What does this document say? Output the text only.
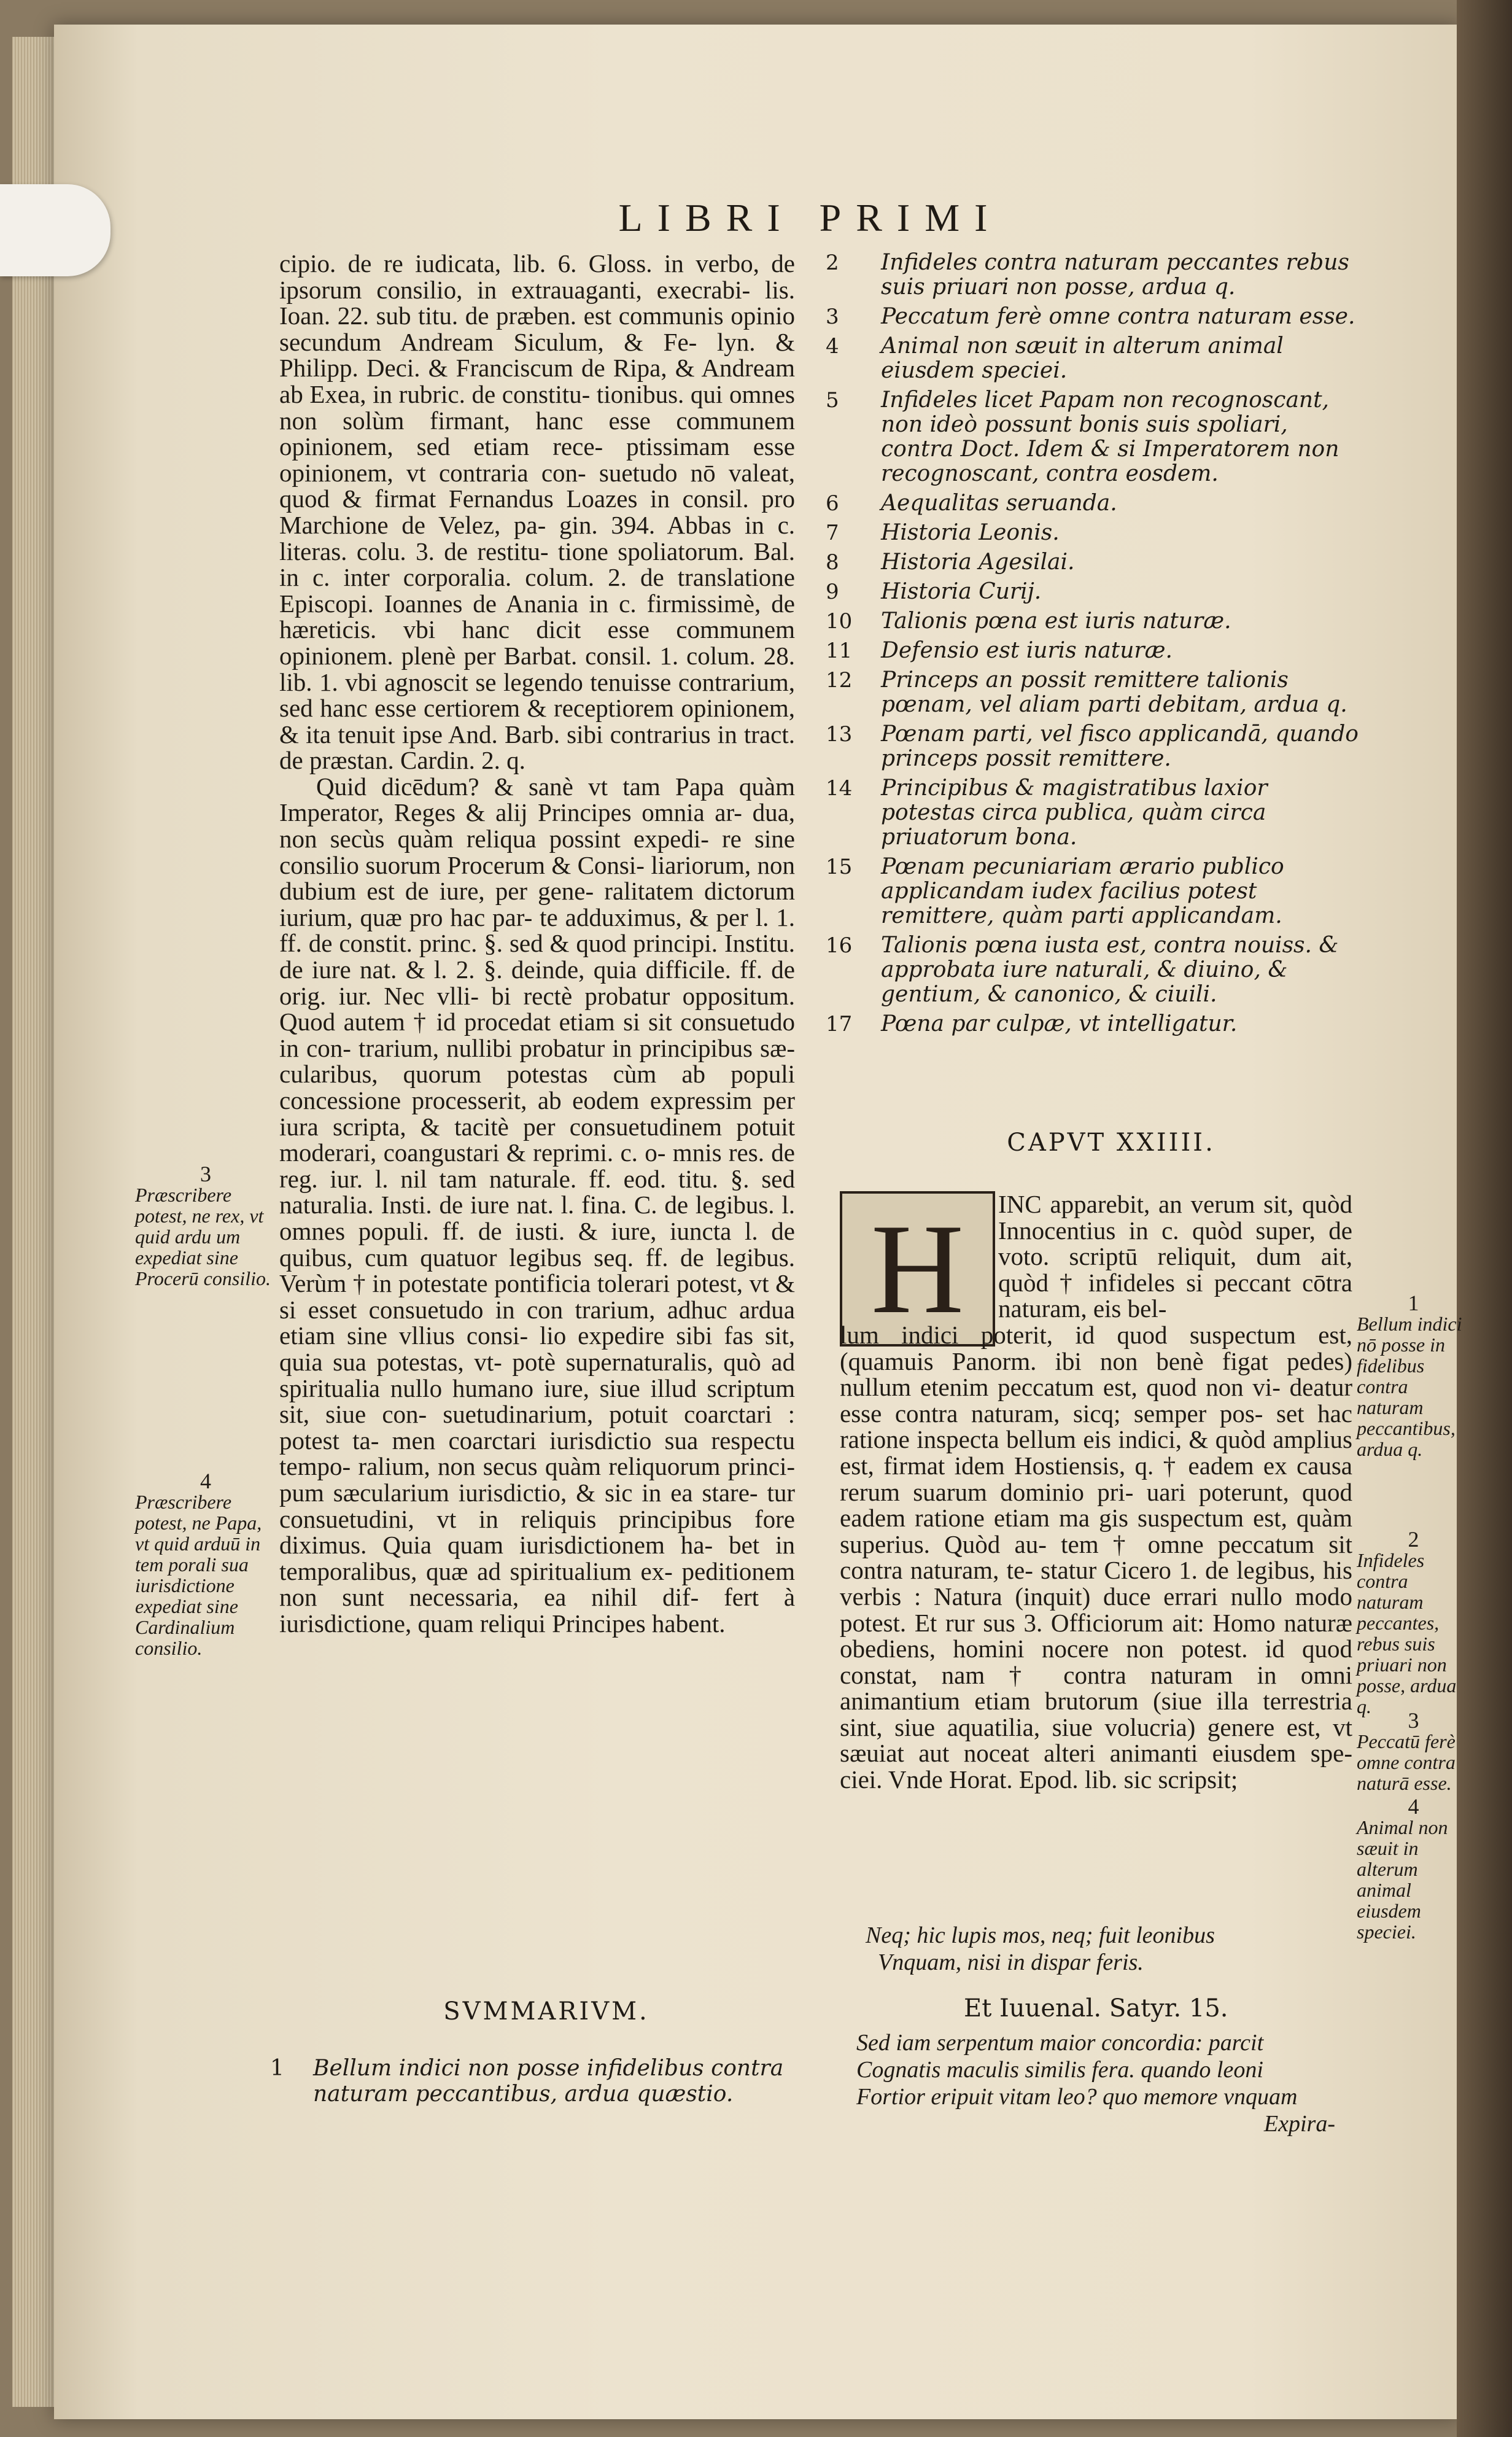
LIBRI PRIMI

cipio. de re iudicata, lib. 6. Gloss. in verbo, de ipsorum consilio, in extrauaganti, execrabi- lis. Ioan. 22. sub titu. de præben. est communis opinio secundum Andream Siculum, & Fe- lyn. & Philipp. Deci. & Franciscum de Ripa, & Andream ab Exea, in rubric. de constitu- tionibus. qui omnes non solùm firmant, hanc esse communem opinionem, sed etiam rece- ptissimam esse opinionem, vt contraria con- suetudo nō valeat, quod & firmat Fernandus Loazes in consil. pro Marchione de Velez, pa- gin. 394. Abbas in c. literas. colu. 3. de restitu- tione spoliatorum. Bal. in c. inter corporalia. colum. 2. de translatione Episcopi. Ioannes de Anania in c. firmissimè, de hæreticis. vbi hanc dicit esse communem opinionem. plenè per Barbat. consil. 1. colum. 28. lib. 1. vbi agnoscit se legendo tenuisse contrarium, sed hanc esse certiorem & receptiorem opinionem, & ita tenuit ipse And. Barb. sibi contrarius in tract. de præstan. Cardin. 2. q.

Quid dicēdum? & sanè vt tam Papa quàm Imperator, Reges & alij Principes omnia ar- dua, non secùs quàm reliqua possint expedi- re sine consilio suorum Procerum & Consi- liariorum, non dubium est de iure, per gene- ralitatem dictorum iurium, quæ pro hac par- te adduximus, & per l. 1. ff. de constit. princ. §. sed & quod principi. Institu. de iure nat. & l. 2. §. deinde, quia difficile. ff. de orig. iur. Nec vlli- bi rectè probatur oppositum. Quod autem † id procedat etiam si sit consuetudo in con- trarium, nullibi probatur in principibus sæ- cularibus, quorum potestas cùm ab populi concessione processerit, ab eodem expressim per iura scripta, & tacitè per consuetudinem potuit moderari, coangustari & reprimi. c. o- mnis res. de reg. iur. l. nil tam naturale. ff. eod. titu. §. sed naturalia. Insti. de iure nat. l. fina. C. de legibus. l. omnes populi. ff. de iusti. & iure, iuncta l. de quibus, cum quatuor legibus seq. ff. de legibus. Verùm † in potestate pontificia tolerari potest, vt & si esset consuetudo in con trarium, adhuc ardua etiam sine vllius consi- lio expedire sibi fas sit, quia sua potestas, vt- potè supernaturalis, quò ad spiritualia nullo humano iure, siue illud scriptum sit, siue con- suetudinarium, potuit coarctari : potest ta- men coarctari iurisdictio sua respectu tempo- ralium, non secus quàm reliquorum princi- pum sæcularium iurisdictio, & sic in ea stare- tur consuetudini, vt in reliquis principibus fore diximus. Quia quam iurisdictionem ha- bet in temporalibus, quæ ad spiritualium ex- peditionem non sunt necessaria, ea nihil dif- fert à iurisdictione, quam reliqui Principes habent.

3
Præscribere potest, ne rex, vt quid ardu um expediat sine Procerū consilio.
4
Præscribere potest, ne Papa, vt quid arduū in tem porali sua iurisdictione expediat sine Cardinalium consilio.
SVMMARIVM.
1 Bellum indici non posse infidelibus contra naturam peccantibus, ardua quæstio.
2	Infideles contra naturam peccantes rebus suis priuari non posse, ardua q.
3	Peccatum ferè omne contra naturam esse.
4	Animal non sæuit in alterum animal eiusdem speciei.
5	Infideles licet Papam non recognoscant, non ideò possunt bonis suis spoliari, contra Doct. Idem & si Imperatorem non recognoscant, contra eosdem.
6	Aequalitas seruanda.
7	Historia Leonis.
8	Historia Agesilai.
9	Historia Curij.
10	Talionis pœna est iuris naturæ.
11	Defensio est iuris naturæ.
12	Princeps an possit remittere talionis pœnam, vel aliam parti debitam, ardua q.
13	Pœnam parti, vel fisco applicandā, quando princeps possit remittere.
14	Principibus & magistratibus laxior potestas circa publica, quàm circa priuatorum bona.
15	Pœnam pecuniariam ærario publico applicandam iudex facilius potest remittere, quàm parti applicandam.
16	Talionis pœna iusta est, contra nouiss. & approbata iure naturali, & diuino, & gentium, & canonico, & ciuili.
17	Pœna par culpæ, vt intelligatur.
CAPVT XXIIII.
H INC apparebit, an verum sit, quòd Innocentius in c. quòd super, de voto. scriptū reliquit, dum ait, quòd † infideles si peccant cōtra naturam, eis bel-

lum indici poterit, id quod suspectum est, (quamuis Panorm. ibi non benè figat pedes) nullum etenim peccatum est, quod non vi- deatur esse contra naturam, sicq; semper pos- set hac ratione inspecta bellum eis indici, & quòd amplius est, firmat idem Hostiensis, q. † eadem ex causa rerum suarum dominio pri- uari poterunt, quod eadem ratione etiam ma gis suspectum est, quàm superius. Quòd au- tem † omne peccatum sit contra naturam, te- statur Cicero 1. de legibus, his verbis : Natura (inquit) duce errari nullo modo potest. Et rur sus 3. Officiorum ait: Homo naturæ obediens, homini nocere non potest. id quod constat, nam † contra naturam in omni animantium etiam brutorum (siue illa terrestria sint, siue aquatilia, siue volucria) genere est, vt sæuiat aut noceat alteri animanti eiusdem spe- ciei. Vnde Horat. Epod. lib. sic scripsit;

Neq; hic lupis mos, neq; fuit leonibus
Vnquam, nisi in dispar feris.
Et Iuuenal. Satyr. 15.
Sed iam serpentum maior concordia: parcit
Cognatis maculis similis fera. quando leoni
Fortior eripuit vitam leo? quo memore vnquam
Expira-
1
Bellum indici nō posse in fidelibus contra naturam peccantibus, ardua q.
2
Infideles contra naturam peccantes, rebus suis priuari non posse, ardua q.
3
Peccatū ferè omne contra naturā esse.
4
Animal non sæuit in alterum animal eiusdem speciei.
